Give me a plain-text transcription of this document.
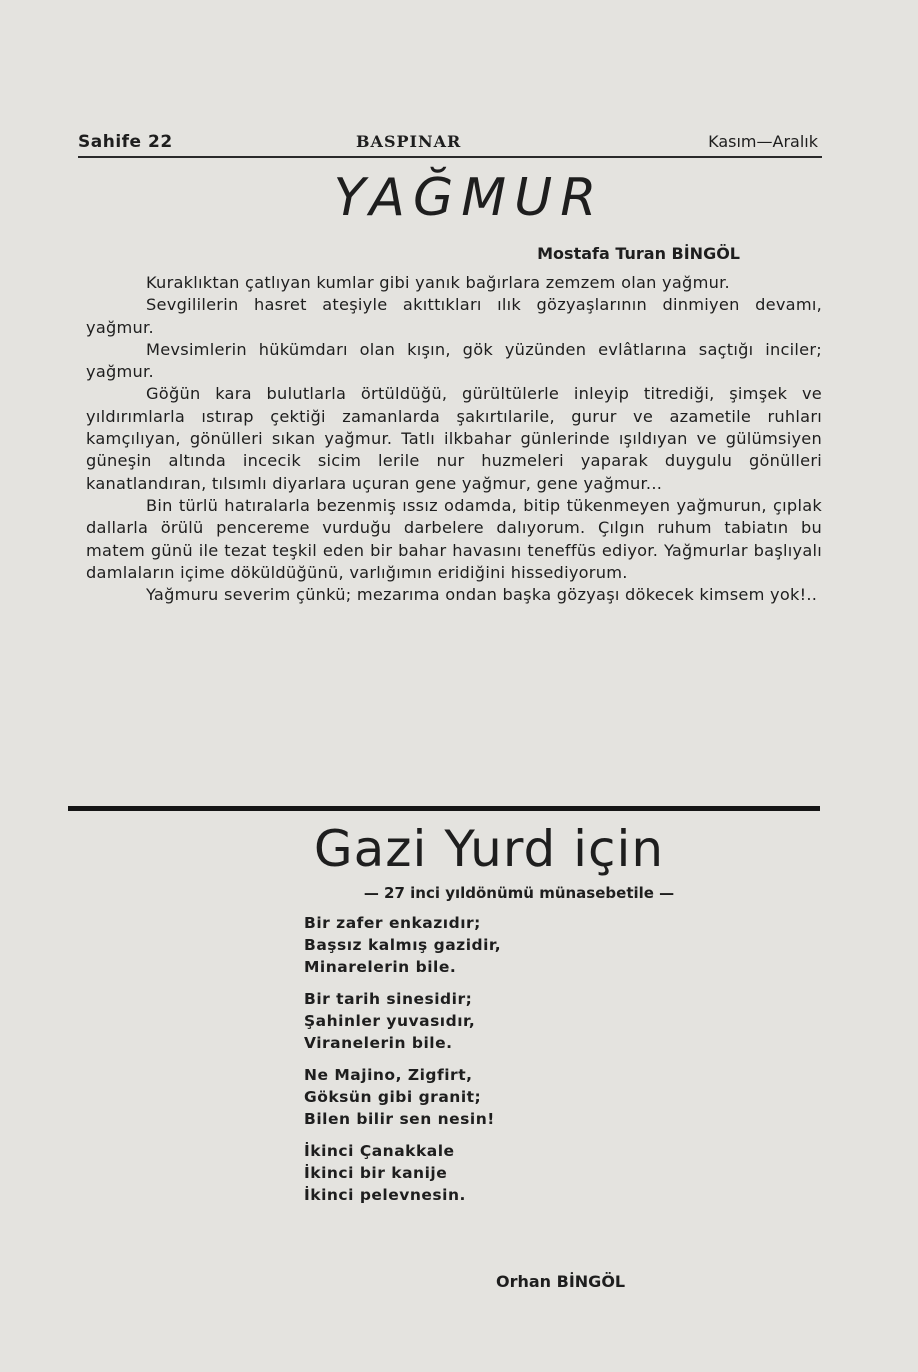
Sahife 22	BASPINAR	Kasım—Aralık
YAĞMUR
Mostafa Turan BİNGÖL

Kuraklıktan çatlıyan kumlar gibi yanık bağırlara zemzem olan yağmur.

Sevgililerin hasret ateşiyle akıttıkları ılık gözyaşlarının dinmiyen devamı, yağmur.

Mevsimlerin hükümdarı olan kışın, gök yüzünden evlâtlarına saçtığı inciler; yağmur.

Göğün kara bulutlarla örtüldüğü, gürültülerle inleyip titrediği, şimşek ve yıldırımlarla ıstırap çektiği zamanlarda şakırtılarile, gurur ve azametile ruhları kamçılıyan, gönülleri sıkan yağmur. Tatlı ilkbahar günlerinde ışıldıyan ve gülümsiyen güneşin altında incecik sicim lerile nur huzmeleri yaparak duygulu gönülleri kanatlandıran, tılsımlı diyarlara uçuran gene yağmur, gene yağmur...

Bin türlü hatıralarla bezenmiş ıssız odamda, bitip tükenmeyen yağmurun, çıplak dallarla örülü pencereme vurduğu darbelere dalıyorum. Çılgın ruhum tabiatın bu matem günü ile tezat teşkil eden bir bahar havasını teneffüs ediyor. Yağmurlar başlıyalı damlaların içime döküldüğünü, varlığımın eridiğini hissediyorum.

Yağmuru severim çünkü; mezarıma ondan başka gözyaşı dökecek kimsem yok!..

Gazi Yurd için
— 27 inci yıldönümü münasebetile —
Bir zafer enkazıdır;
Başsız kalmış gazidir,
Minarelerin bile.
Bir tarih sinesidir;
Şahinler yuvasıdır,
Viranelerin bile.
Ne Majino, Zigfirt,
Göksün gibi granit;
Bilen bilir sen nesin!
İkinci Çanakkale
İkinci bir kanije
İkinci pelevnesin.
Orhan BİNGÖL
